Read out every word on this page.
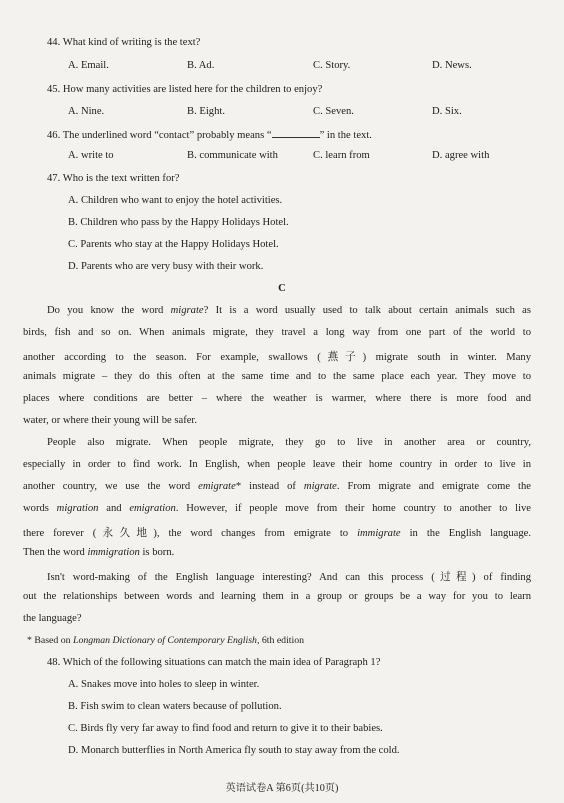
44. What kind of writing is the text?
A. Email.	B. Ad.	C. Story.	D. News.
45. How many activities are listed here for the children to enjoy?
A. Nine.	B. Eight.	C. Seven.	D. Six.
46. The underlined word “contact” probably means “	” in the text.
A. write to	B. communicate with	C. learn from	D. agree with
47. Who is the text written for?
A. Children who want to enjoy the hotel activities.
B. Children who pass by the Happy Holidays Hotel.
C. Parents who stay at the Happy Holidays Hotel.
D. Parents who are very busy with their work.
C
Do you know the word migrate? It is a word usually used to talk about certain animals such as
birds, fish and so on. When animals migrate, they travel a long way from one part of the world to
another according to the season. For example, swallows (燕子) migrate south in winter. Many
animals migrate – they do this often at the same time and to the same place each year. They move to
places where conditions are better – where the weather is warmer, where there is more food and
water, or where their young will be safer.
People also migrate. When people migrate, they go to live in another area or country,
especially in order to find work. In English, when people leave their home country in order to live in
another country, we use the word emigrate* instead of migrate. From migrate and emigrate come the
words migration and emigration. However, if people move from their home country to another to live
there forever (永久地), the word changes from emigrate to immigrate in the English language.
Then the word immigration is born.
Isn't word-making of the English language interesting? And can this process (过程) of finding
out the relationships between words and learning them in a group or groups be a way for you to learn
the language?
* Based on Longman Dictionary of Contemporary English, 6th edition
48. Which of the following situations can match the main idea of Paragraph 1?
A. Snakes move into holes to sleep in winter.
B. Fish swim to clean waters because of pollution.
C. Birds fly very far away to find food and return to give it to their babies.
D. Monarch butterflies in North America fly south to stay away from the cold.
英语试卷A 第6页(共10页)
